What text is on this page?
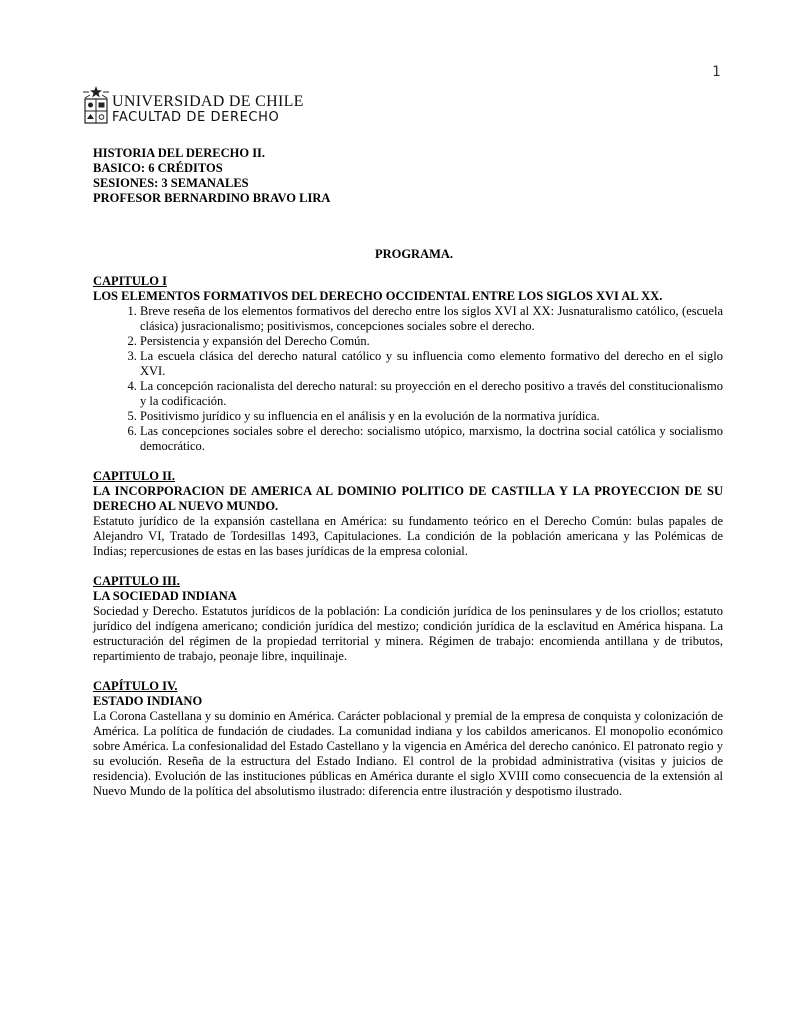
1
UNIVERSIDAD DE CHILE
FACULTAD DE DERECHO
HISTORIA DEL DERECHO II.
BASICO: 6 CRÉDITOS
SESIONES: 3 SEMANALES
PROFESOR BERNARDINO BRAVO LIRA
PROGRAMA.
CAPITULO I
LOS ELEMENTOS FORMATIVOS DEL DERECHO OCCIDENTAL ENTRE LOS SIGLOS XVI AL XX.
1. Breve reseña de los elementos formativos del derecho entre los siglos XVI al XX: Jusnaturalismo católico, (escuela clásica) jusracionalismo; positivismos, concepciones sociales sobre el derecho.
2. Persistencia y expansión del Derecho Común.
3. La escuela clásica del derecho natural católico y su influencia como elemento formativo del derecho en el siglo XVI.
4. La concepción racionalista del derecho natural: su proyección en el derecho positivo a través del constitucionalismo y la codificación.
5. Positivismo jurídico y su influencia en el análisis y en la evolución de la normativa jurídica.
6. Las concepciones sociales sobre el derecho: socialismo utópico, marxismo, la doctrina social católica y socialismo democrático.
CAPITULO II.
LA INCORPORACION DE AMERICA AL DOMINIO POLITICO DE CASTILLA Y LA PROYECCION DE SU DERECHO AL NUEVO MUNDO.
Estatuto jurídico de la expansión castellana en América: su fundamento teórico en el Derecho Común: bulas papales de Alejandro VI, Tratado de Tordesillas 1493, Capitulaciones. La condición de la población americana y las Polémicas de Indias; repercusiones de estas en las bases jurídicas de la empresa colonial.
CAPITULO III.
LA SOCIEDAD INDIANA
Sociedad y Derecho. Estatutos jurídicos de la población: La condición jurídica de los peninsulares y de los criollos; estatuto jurídico del indígena americano; condición jurídica del mestizo; condición jurídica de la esclavitud en América hispana. La estructuración del régimen de la propiedad territorial y minera. Régimen de trabajo: encomienda antillana y de tributos, repartimiento de trabajo, peonaje libre, inquilinaje.
CAPÍTULO IV.
ESTADO INDIANO
La Corona Castellana y su dominio en América. Carácter poblacional y premial de la empresa de conquista y colonización de América. La política de fundación de ciudades. La comunidad indiana y los cabildos americanos. El monopolio económico sobre América. La confesionalidad del Estado Castellano y la vigencia en América del derecho canónico. El patronato regio y su evolución. Reseña de la estructura del Estado Indiano. El control de la probidad administrativa (visitas y juicios de residencia). Evolución de las instituciones públicas en América durante el siglo XVIII como consecuencia de la extensión al Nuevo Mundo de la política del absolutismo ilustrado: diferencia entre ilustración y despotismo ilustrado.
